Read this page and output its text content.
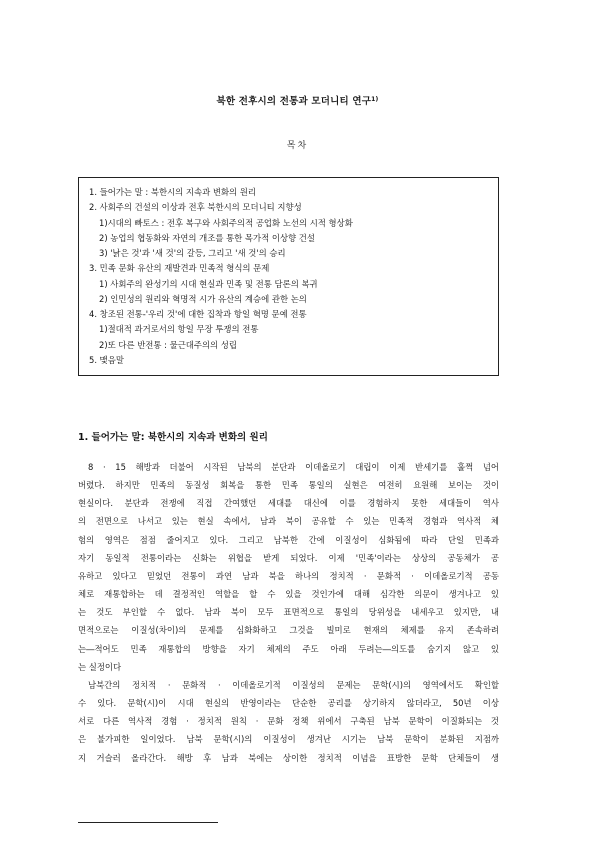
북한 전후시의 전통과 모더니티 연구$^{1)}$
목차
1. 들어가는 말 : 북한시의 지속과 변화의 원리
2. 사회주의 건설의 이상과 전후 북한시의 모더니티 지향성
1)시대의 빠토스 : 전후 복구와 사회주의적 공업화 노선의 시적 형상화
2) 농업의 협동화와 자연의 개조를 통한 목가적 이상향 건설
3) '낡은 것'과 '새 것'의 갈등, 그리고 '새 것'의 승리
3. 민족 문화 유산의 재발견과 민족적 형식의 문제
1) 사회주의 완성기의 시대 현실과 민족 및 전통 담론의 복귀
2) 인민성의 원리와 혁명적 시가 유산의 계승에 관한 논의
4. 창조된 전통-'우리 것'에 대한 집착과 항일 혁명 문예 전통
1)절대적 과거로서의 항일 무장 투쟁의 전통
2)또 다른 반전통 : 물근대주의의 성립
5. 맺음말
1. 들어가는 말: 북한시의 지속과 변화의 원리
8 · 15 해방과 더불어 시작된 남북의 분단과 이데올로기 대립이 이제 반세기를 훌쩍 넘어
버렸다. 하지만 민족의 동질성 회복을 통한 민족 통일의 실현은 여전히 요원해 보이는 것이
현실이다. 분단과 전쟁에 직접 간여했던 세대를 대신에 이를 경험하지 못한 세대들이 역사
의 전면으로 나서고 있는 현실 속에서, 남과 북이 공유할 수 있는 민족적 경험과 역사적 체
험의 영역은 점점 줄어지고 있다. 그리고 남북한 간에 이질성이 심화됨에 따라 단일 민족과
자기 동일적 전통이라는 신화는 위협을 받게 되었다. 이제 '민족'이라는 상상의 공동체가 공
유하고 있다고 믿었던 전통이 과연 남과 북을 하나의 정치적 · 문화적 · 이데올로기적 공동
체로 재통합하는 데 결정적인 역할을 할 수 있을 것인가에 대해 심각한 의문이 생겨나고 있
는 것도 부인할 수 없다. 남과 북이 모두 표면적으로 통일의 당위성을 내세우고 있지만, 내
면적으로는 이질성(차이)의 문제를 심화화하고 그것을 빌미로 현재의 체제를 유지 존속하려
는―적어도 민족 재통합의 방향을 자기 체제의 주도 아래 두려는―의도를 숨기지 않고 있
는 실정이다
남북간의 정치적 · 문화적 · 이데올로기적 이질성의 문제는 문학(시)의 영역에서도 확인할
수 있다. 문학(시)이 시대 현실의 반영이라는 단순한 공리를 상기하지 않더라고, 50년 이상
서로 다른 역사적 경험 · 정치적 원칙 · 문화 정책 위에서 구축된 남북 문학이 이질화되는 것
은 불가피한 일이었다. 남북 문학(시)의 이질성이 생겨난 시기는 남북 문학이 분화된 지점까
지 거슬러 올라간다. 해방 후 남과 북에는 상이한 정치적 이념을 표방한 문학 단체들이 생
